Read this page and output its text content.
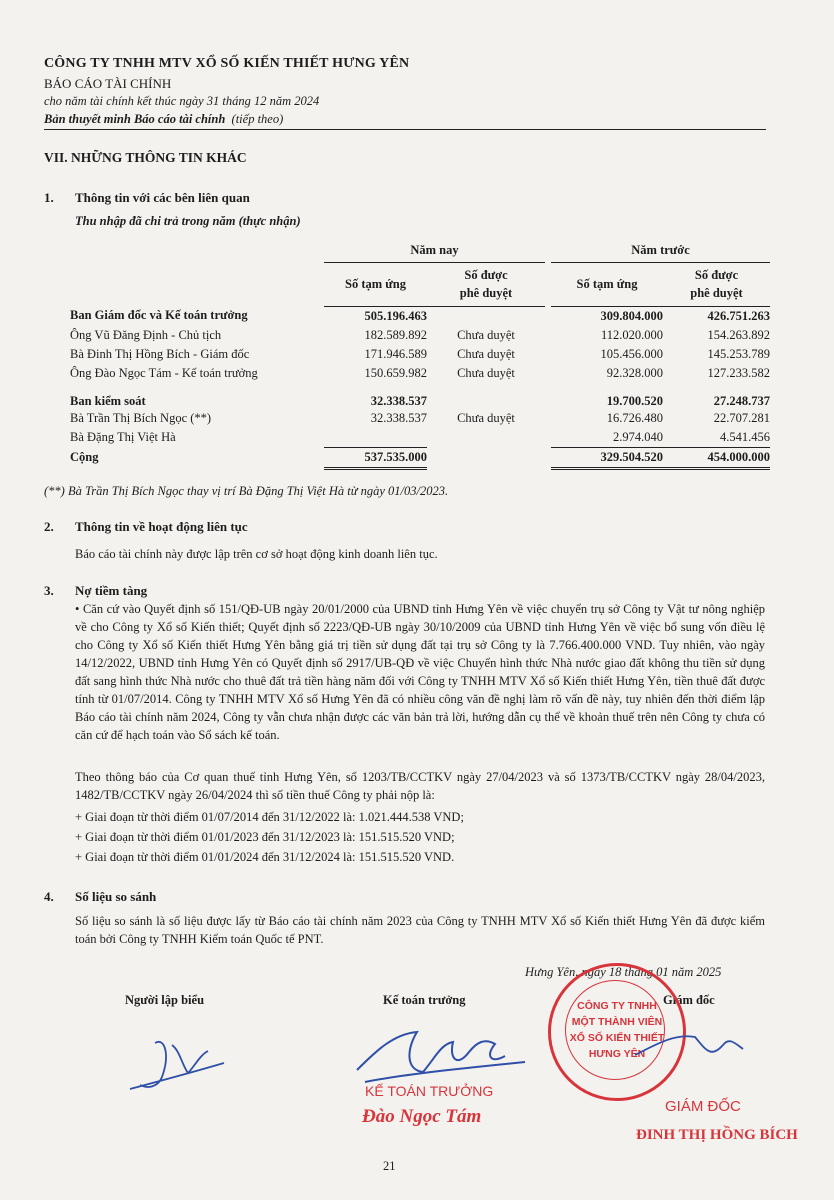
CÔNG TY TNHH MTV XỔ SỐ KIẾN THIẾT HƯNG YÊN
BÁO CÁO TÀI CHÍNH
cho năm tài chính kết thúc ngày 31 tháng 12 năm 2024
Bản thuyết minh Báo cáo tài chính (tiếp theo)
VII. NHỮNG THÔNG TIN KHÁC
1. Thông tin với các bên liên quan
Thu nhập đã chi trả trong năm (thực nhận)
	Năm nay			Năm trước	
	Số tạm ứng	Số được
phê duyệt		Số tạm ứng	Số được
phê duyệt
Ban Giám đốc và Kế toán trưởng	505.196.463			309.804.000	426.751.263
Ông Vũ Đăng Định - Chủ tịch	182.589.892	Chưa duyệt		112.020.000	154.263.892
Bà Đinh Thị Hồng Bích - Giám đốc	171.946.589	Chưa duyệt		105.456.000	145.253.789
Ông Đào Ngọc Tám - Kế toán trưởng	150.659.982	Chưa duyệt		92.328.000	127.233.582
Ban kiểm soát	32.338.537			19.700.520	27.248.737
Bà Trần Thị Bích Ngọc (**)	32.338.537	Chưa duyệt		16.726.480	22.707.281
Bà Đặng Thị Việt Hà				2.974.040	4.541.456
Cộng	537.535.000			329.504.520	454.000.000
(**) Bà Trần Thị Bích Ngọc thay vị trí Bà Đặng Thị Việt Hà từ ngày 01/03/2023.
2. Thông tin về hoạt động liên tục
Báo cáo tài chính này được lập trên cơ sở hoạt động kinh doanh liên tục.
3. Nợ tiềm tàng
• Căn cứ vào Quyết định số 151/QĐ-UB ngày 20/01/2000 của UBND tỉnh Hưng Yên về việc chuyển trụ sở Công ty Vật tư nông nghiệp về cho Công ty Xổ số Kiến thiết; Quyết định số 2223/QĐ-UB ngày 30/10/2009 của UBND tỉnh Hưng Yên về việc bổ sung vốn điều lệ cho Công ty Xổ số Kiến thiết Hưng Yên bằng giá trị tiền sử dụng đất tại trụ sở Công ty là 7.766.400.000 VND. Tuy nhiên, vào ngày 14/12/2022, UBND tỉnh Hưng Yên có Quyết định số 2917/UB-QĐ về việc Chuyển hình thức Nhà nước giao đất không thu tiền sử dụng đất sang hình thức Nhà nước cho thuê đất trả tiền hàng năm đối với Công ty TNHH MTV Xổ số Kiến thiết Hưng Yên, tiền thuê đất được tính từ 01/07/2014. Công ty TNHH MTV Xổ số Hưng Yên đã có nhiều công văn đề nghị làm rõ vấn đề này, tuy nhiên đến thời điểm lập Báo cáo tài chính năm 2024, Công ty vẫn chưa nhận được các văn bản trả lời, hướng dẫn cụ thể về khoản thuế trên nên Công ty chưa có căn cứ để hạch toán vào Sổ sách kế toán.
Theo thông báo của Cơ quan thuế tỉnh Hưng Yên, số 1203/TB/CCTKV ngày 27/04/2023 và số 1373/TB/CCTKV ngày 28/04/2023, 1482/TB/CCTKV ngày 26/04/2024 thì số tiền thuế Công ty phải nộp là:
+ Giai đoạn từ thời điểm 01/07/2014 đến 31/12/2022 là: 1.021.444.538 VND;
+ Giai đoạn từ thời điểm 01/01/2023 đến 31/12/2023 là: 151.515.520 VND;
+ Giai đoạn từ thời điểm 01/01/2024 đến 31/12/2024 là: 151.515.520 VND.
4. Số liệu so sánh
Số liệu so sánh là số liệu được lấy từ Báo cáo tài chính năm 2023 của Công ty TNHH MTV Xổ số Kiến thiết Hưng Yên đã được kiểm toán bởi Công ty TNHH Kiểm toán Quốc tế PNT.
Hưng Yên, ngày 18 tháng 01 năm 2025
Người lập biểu	Kế toán trưởng	Giám đốc
KẾ TOÁN TRƯỞNG
Đào Ngọc Tám
CÔNG TY TNHH
MỘT THÀNH VIÊN
XỔ SỐ KIẾN THIẾT
HƯNG YÊN
GIÁM ĐỐC
ĐINH THỊ HỒNG BÍCH
21
